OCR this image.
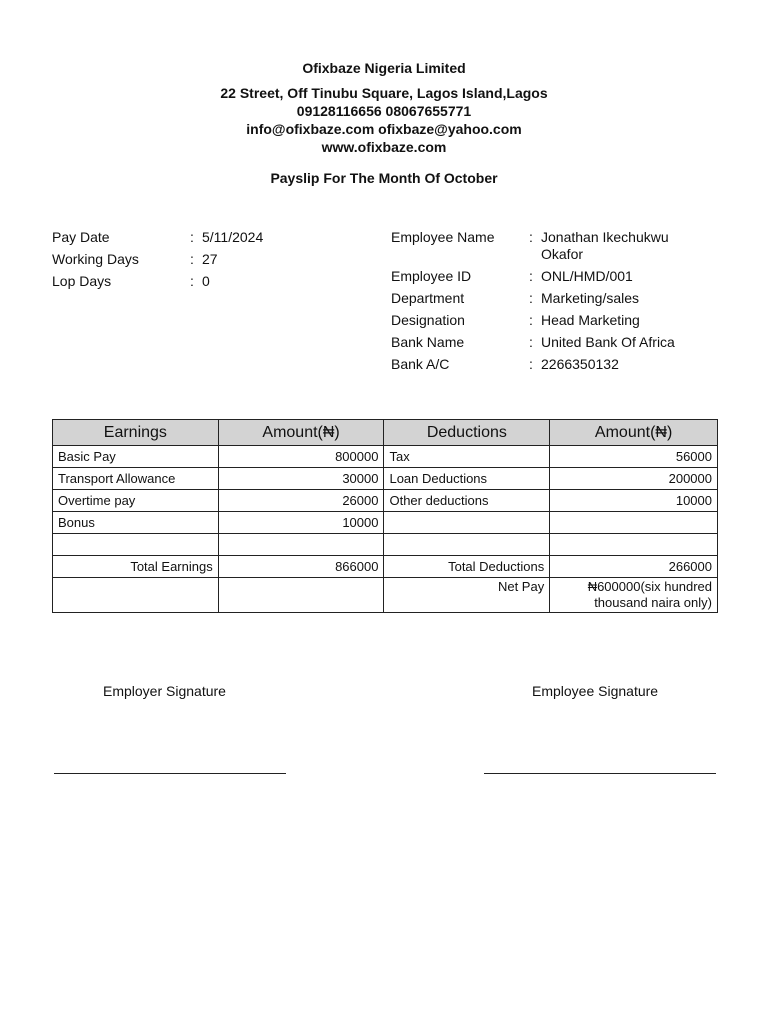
Ofixbaze Nigeria Limited
22 Street, Off Tinubu Square, Lagos Island,Lagos
09128116656 08067655771
info@ofixbaze.com ofixbaze@yahoo.com
www.ofixbaze.com
Payslip For The Month Of October
Pay Date	: 5/11/2024
Working Days	: 27
Lop Days	: 0
Employee Name	: Jonathan Ikechukwu Okafor
Employee ID	: ONL/HMD/001
Department	: Marketing/sales
Designation	: Head Marketing
Bank Name	: United Bank Of Africa
Bank A/C	: 2266350132
Earnings	Amount(₦)	Deductions	Amount(₦)
Basic Pay	800000	Tax	56000
Transport Allowance	30000	Loan Deductions	200000
Overtime pay	26000	Other deductions	10000
Bonus	10000		

Total Earnings	866000	Total Deductions	266000
		Net Pay	₦600000(six hundred thousand naira only)
Employer Signature	Employee Signature
